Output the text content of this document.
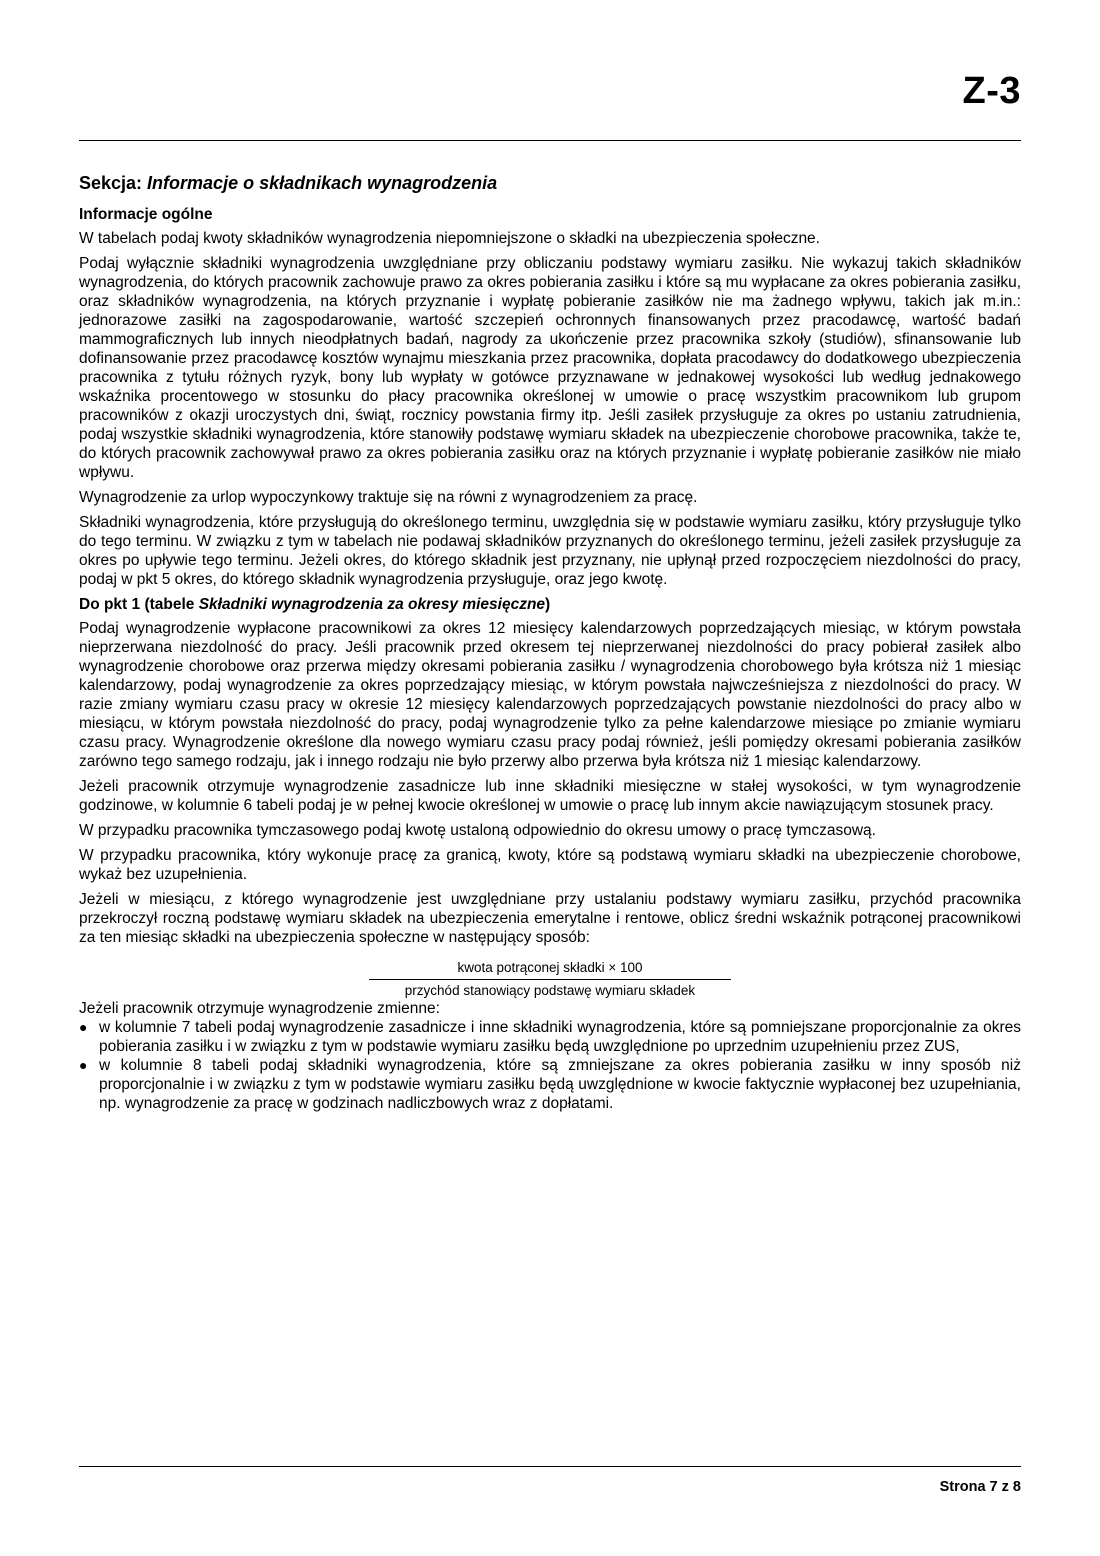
Z-3
Sekcja: Informacje o składnikach wynagrodzenia
Informacje ogólne

W tabelach podaj kwoty składników wynagrodzenia niepomniejszone o składki na ubezpieczenia społeczne.

Podaj wyłącznie składniki wynagrodzenia uwzględniane przy obliczaniu podstawy wymiaru zasiłku. Nie wykazuj takich składników wynagrodzenia, do których pracownik zachowuje prawo za okres pobierania zasiłku i które są mu wypłacane za okres pobierania zasiłku, oraz składników wynagrodzenia, na których przyznanie i wypłatę pobieranie zasiłków nie ma żadnego wpływu, takich jak m.in.: jednorazowe zasiłki na zagospodarowanie, wartość szczepień ochronnych finansowanych przez pracodawcę, wartość badań mammograficznych lub innych nieodpłatnych badań, nagrody za ukończenie przez pracownika szkoły (studiów), sfinansowanie lub dofinansowanie przez pracodawcę kosztów wynajmu mieszkania przez pracownika, dopłata pracodawcy do dodatkowego ubezpieczenia pracownika z tytułu różnych ryzyk, bony lub wypłaty w gotówce przyznawane w jednakowej wysokości lub według jednakowego wskaźnika procentowego w stosunku do płacy pracownika określonej w umowie o pracę wszystkim pracownikom lub grupom pracowników z okazji uroczystych dni, świąt, rocznicy powstania firmy itp. Jeśli zasiłek przysługuje za okres po ustaniu zatrudnienia, podaj wszystkie składniki wynagrodzenia, które stanowiły podstawę wymiaru składek na ubezpieczenie chorobowe pracownika, także te, do których pracownik zachowywał prawo za okres pobierania zasiłku oraz na których przyznanie i wypłatę pobieranie zasiłków nie miało wpływu.

Wynagrodzenie za urlop wypoczynkowy traktuje się na równi z wynagrodzeniem za pracę.

Składniki wynagrodzenia, które przysługują do określonego terminu, uwzględnia się w podstawie wymiaru zasiłku, który przysługuje tylko do tego terminu. W związku z tym w tabelach nie podawaj składników przyznanych do określonego terminu, jeżeli zasiłek przysługuje za okres po upływie tego terminu. Jeżeli okres, do którego składnik jest przyznany, nie upłynął przed rozpoczęciem niezdolności do pracy, podaj w pkt 5 okres, do którego składnik wynagrodzenia przysługuje, oraz jego kwotę.

Do pkt 1 (tabele Składniki wynagrodzenia za okresy miesięczne)

Podaj wynagrodzenie wypłacone pracownikowi za okres 12 miesięcy kalendarzowych poprzedzających miesiąc, w którym powstała nieprzerwana niezdolność do pracy. Jeśli pracownik przed okresem tej nieprzerwanej niezdolności do pracy pobierał zasiłek albo wynagrodzenie chorobowe oraz przerwa między okresami pobierania zasiłku / wynagrodzenia chorobowego była krótsza niż 1 miesiąc kalendarzowy, podaj wynagrodzenie za okres poprzedzający miesiąc, w którym powstała najwcześniejsza z niezdolności do pracy. W razie zmiany wymiaru czasu pracy w okresie 12 miesięcy kalendarzowych poprzedzających powstanie niezdolności do pracy albo w miesiącu, w którym powstała niezdolność do pracy, podaj wynagrodzenie tylko za pełne kalendarzowe miesiące po zmianie wymiaru czasu pracy. Wynagrodzenie określone dla nowego wymiaru czasu pracy podaj również, jeśli pomiędzy okresami pobierania zasiłków zarówno tego samego rodzaju, jak i innego rodzaju nie było przerwy albo przerwa była krótsza niż 1 miesiąc kalendarzowy.

Jeżeli pracownik otrzymuje wynagrodzenie zasadnicze lub inne składniki miesięczne w stałej wysokości, w tym wynagrodzenie godzinowe, w kolumnie 6 tabeli podaj je w pełnej kwocie określonej w umowie o pracę lub innym akcie nawiązującym stosunek pracy.

W przypadku pracownika tymczasowego podaj kwotę ustaloną odpowiednio do okresu umowy o pracę tymczasową.

W przypadku pracownika, który wykonuje pracę za granicą, kwoty, które są podstawą wymiaru składki na ubezpieczenie chorobowe, wykaż bez uzupełnienia.

Jeżeli w miesiącu, z którego wynagrodzenie jest uwzględniane przy ustalaniu podstawy wymiaru zasiłku, przychód pracownika przekroczył roczną podstawę wymiaru składek na ubezpieczenia emerytalne i rentowe, oblicz średni wskaźnik potrąconej pracownikowi za ten miesiąc składki na ubezpieczenia społeczne w następujący sposób:

kwota potrąconej składki × 100
przychód stanowiący podstawę wymiaru składek

Jeżeli pracownik otrzymuje wynagrodzenie zmienne:

● w kolumnie 7 tabeli podaj wynagrodzenie zasadnicze i inne składniki wynagrodzenia, które są pomniejszane proporcjonalnie za okres pobierania zasiłku i w związku z tym w podstawie wymiaru zasiłku będą uwzględnione po uprzednim uzupełnieniu przez ZUS,
● w kolumnie 8 tabeli podaj składniki wynagrodzenia, które są zmniejszane za okres pobierania zasiłku w inny sposób niż proporcjonalnie i w związku z tym w podstawie wymiaru zasiłku będą uwzględnione w kwocie faktycznie wypłaconej bez uzupełniania, np. wynagrodzenie za pracę w godzinach nadliczbowych wraz z dopłatami.
Strona 7 z 8
